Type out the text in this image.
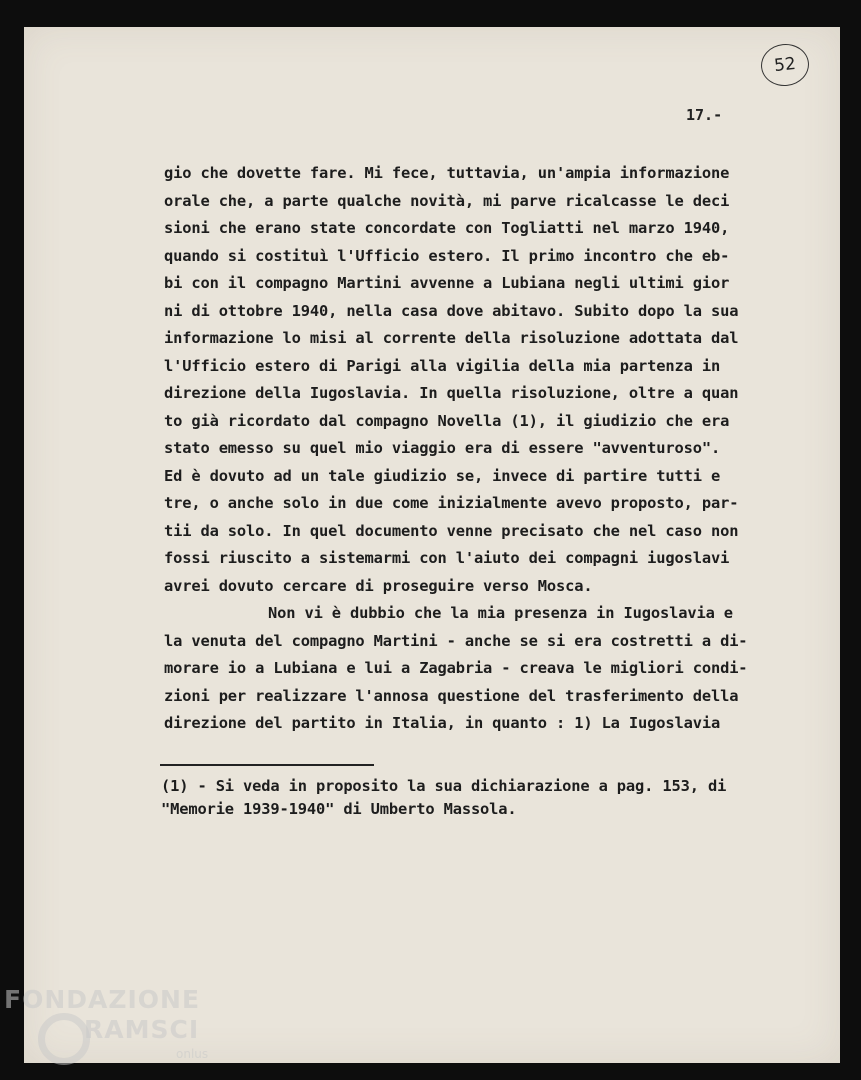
52
17.-
gio che dovette fare. Mi fece, tuttavia, un'ampia informazione
orale che, a parte qualche novità, mi parve ricalcasse le deci
sioni che erano state concordate con Togliatti nel marzo 1940,
quando si costituì l'Ufficio estero. Il primo incontro che eb-
bi con il compagno Martini avvenne a Lubiana negli ultimi gior
ni di ottobre 1940, nella casa dove abitavo. Subito dopo la sua
informazione lo misi al corrente della risoluzione adottata dal
l'Ufficio estero di Parigi alla vigilia della mia partenza in
direzione della Iugoslavia. In quella risoluzione, oltre a quan
to già ricordato dal compagno Novella (1), il giudizio che era
stato emesso su quel mio viaggio era di essere "avventuroso".
Ed è dovuto ad un tale giudizio se, invece di partire tutti e
tre, o anche solo in due come inizialmente avevo proposto, par-
tii da solo. In quel documento venne precisato che nel caso non
fossi riuscito a sistemarmi con l'aiuto dei compagni iugoslavi
avrei dovuto cercare di proseguire verso Mosca.
Non vi è dubbio che la mia presenza in Iugoslavia e
la venuta del compagno Martini - anche se si era costretti a di-
morare io a Lubiana e lui a Zagabria - creava le migliori condi-
zioni per realizzare l'annosa questione del trasferimento della
direzione del partito in Italia, in quanto : 1) La Iugoslavia
(1) - Si veda in proposito la sua dichiarazione a pag. 153, di
"Memorie 1939-1940" di Umberto Massola.
FONDAZIONE
RAMSCI
onlus
